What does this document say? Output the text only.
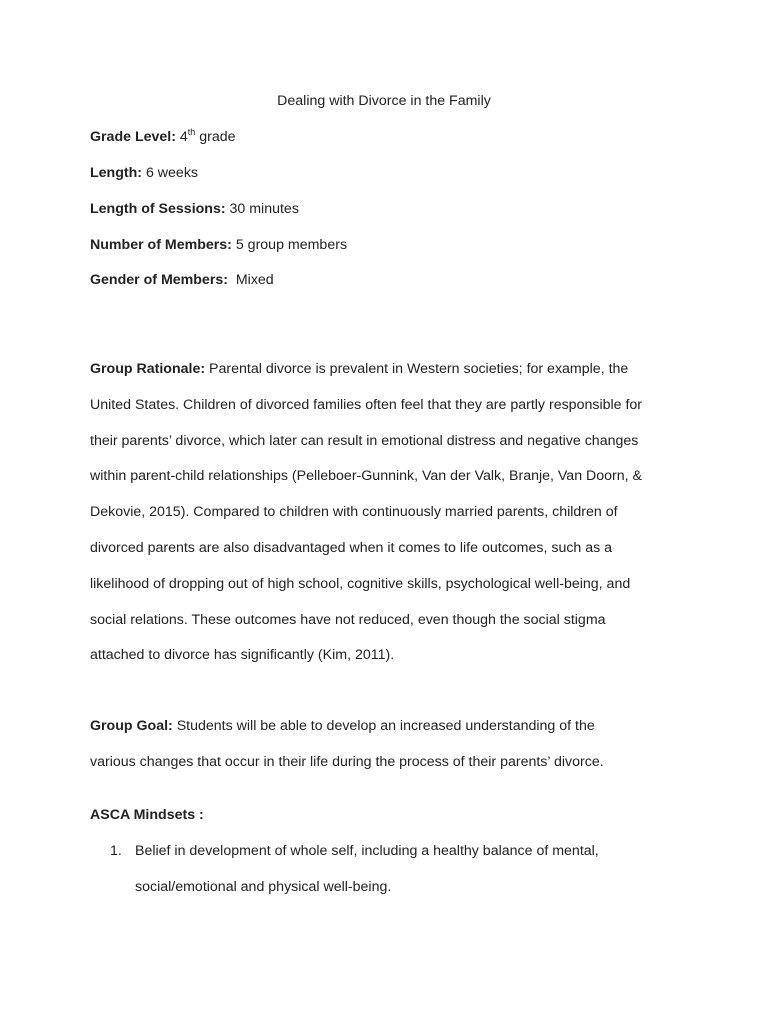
Dealing with Divorce in the Family

Grade Level: 4th grade

Length: 6 weeks

Length of Sessions: 30 minutes

Number of Members: 5 group members

Gender of Members:  Mixed

Group Rationale: Parental divorce is prevalent in Western societies; for example, the
United States. Children of divorced families often feel that they are partly responsible for
their parents’ divorce, which later can result in emotional distress and negative changes
within parent-child relationships (Pelleboer-Gunnink, Van der Valk, Branje, Van Doorn, &
Dekovie, 2015). Compared to children with continuously married parents, children of
divorced parents are also disadvantaged when it comes to life outcomes, such as a
likelihood of dropping out of high school, cognitive skills, psychological well-being, and
social relations. These outcomes have not reduced, even though the social stigma
attached to divorce has significantly (Kim, 2011).
Group Goal: Students will be able to develop an increased understanding of the
various changes that occur in their life during the process of their parents’ divorce.

ASCA Mindsets :

1. Belief in development of whole self, including a healthy balance of mental,
social/emotional and physical well-being.
